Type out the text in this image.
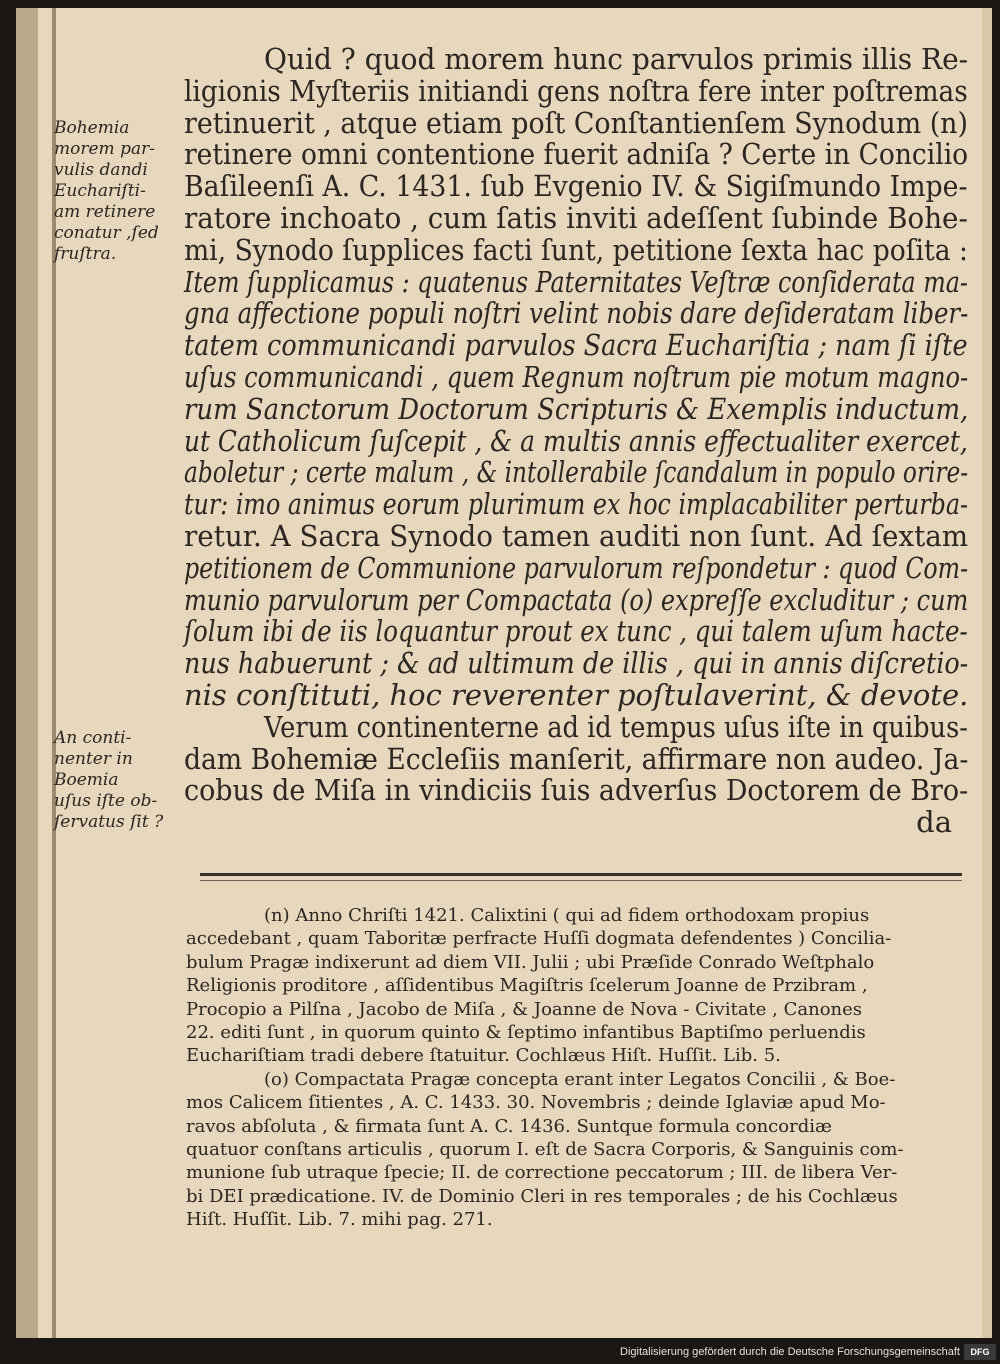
Quid ? quod morem hunc parvulos primis illis Re-
ligionis Myſteriis initiandi gens noſtra fere inter poſtremas
retinuerit , atque etiam poſt Conſtantienſem Synodum (n)
retinere omni contentione fuerit adniſa ? Certe in Concilio
Baſileenſi A. C. 1431. ſub Evgenio IV. & Sigiſmundo Impe-
ratore inchoato , cum ſatis inviti adeſſent ſubinde Bohe-
mi, Synodo ſupplices facti ſunt, petitione ſexta hac poſita :
Item ſupplicamus : quatenus Paternitates Veſtræ conſiderata ma-
gna affectione populi noſtri velint nobis dare deſideratam liber-
tatem communicandi parvulos Sacra Euchariſtia ; nam ſi iſte
uſus communicandi , quem Regnum noſtrum pie motum magno-
rum Sanctorum Doctorum Scripturis & Exemplis inductum,
ut Catholicum ſuſcepit , & a multis annis effectualiter exercet,
aboletur ; certe malum , & intollerabile ſcandalum in populo orire-
tur: imo animus eorum plurimum ex hoc implacabiliter perturba-
retur. A Sacra Synodo tamen auditi non ſunt. Ad ſextam
petitionem de Communione parvulorum reſpondetur : quod Com-
munio parvulorum per Compactata (o) expreſſe excluditur ; cum
ſolum ibi de iis loquantur prout ex tunc , qui talem uſum hacte-
nus habuerunt ; & ad ultimum de illis , qui in annis diſcretio-
nis conſtituti, hoc reverenter poſtulaverint, & devote.
Verum continenterne ad id tempus uſus iſte in quibus-
dam Bohemiæ Eccleſiis manſerit, affirmare non audeo. Ja-
cobus de Miſa in vindiciis ſuis adverſus Doctorem de Bro-
da
Bohemia
morem par-
vulis dandi
Euchariſti-
am retinere
conatur ,ſed
fruſtra.
An conti-
nenter in
Boemia
uſus iſte ob-
ſervatus ſit ?
(n) Anno Chriſti 1421. Calixtini ( qui ad fidem orthodoxam propius
accedebant , quam Taboritæ perfracte Huſſi dogmata defendentes ) Concilia-
bulum Pragæ indixerunt ad diem VII. Julii ; ubi Præſide Conrado Weſtphalo
Religionis proditore , aſſidentibus Magiſtris ſcelerum Joanne de Przibram ,
Procopio a Pilſna , Jacobo de Miſa , & Joanne de Nova - Civitate , Canones
22. editi ſunt , in quorum quinto & ſeptimo infantibus Baptiſmo perluendis
Euchariſtiam tradi debere ſtatuitur. Cochlæus Hiſt. Huſſit. Lib. 5.
(o) Compactata Pragæ concepta erant inter Legatos Concilii , & Boe-
mos Calicem ſitientes , A. C. 1433. 30. Novembris ; deinde Iglaviæ apud Mo-
ravos abſoluta , & firmata ſunt A. C. 1436. Suntque formula concordiæ
quatuor conſtans articulis , quorum I. eſt de Sacra Corporis, & Sanguinis com-
munione ſub utraque ſpecie; II. de correctione peccatorum ; III. de libera Ver-
bi DEI prædicatione. IV. de Dominio Cleri in res temporales ; de his Cochlæus
Hiſt. Huſſit. Lib. 7. mihi pag. 271.
Digitalisierung gefördert durch die Deutsche Forschungsgemeinschaft	DFG
